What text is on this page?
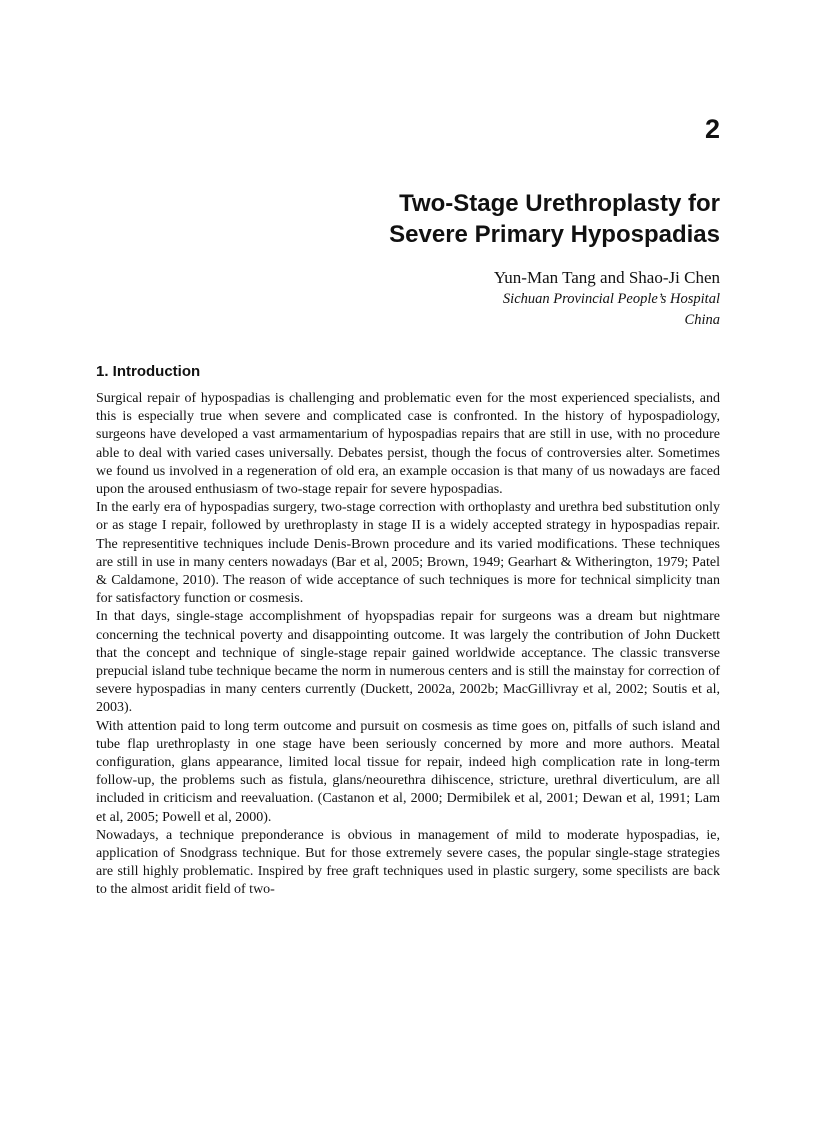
2
Two-Stage Urethroplasty for
Severe Primary Hypospadias
Yun-Man Tang and Shao-Ji Chen
Sichuan Provincial People’s Hospital
China
1. Introduction

Surgical repair of hypospadias is challenging and problematic even for the most experienced specialists, and this is especially true when severe and complicated case is confronted. In the history of hypospadiology, surgeons have developed a vast armamentarium of hypospadias repairs that are still in use, with no procedure able to deal with varied cases universally. Debates persist, though the focus of controversies alter. Sometimes we found us involved in a regeneration of old era, an example occasion is that many of us nowadays are faced upon the aroused enthusiasm of two-stage repair for severe hypospadias.

In the early era of hypospadias surgery, two-stage correction with orthoplasty and urethra bed substitution only or as stage I repair, followed by urethroplasty in stage II is a widely accepted strategy in hypospadias repair. The representitive techniques include Denis-Brown procedure and its varied modifications. These techniques are still in use in many centers nowadays (Bar et al, 2005; Brown, 1949; Gearhart & Witherington, 1979; Patel & Caldamone, 2010). The reason of wide acceptance of such techniques is more for technical simplicity tnan for satisfactory function or cosmesis.

In that days, single-stage accomplishment of hyopspadias repair for surgeons was a dream but nightmare concerning the technical poverty and disappointing outcome. It was largely the contribution of John Duckett that the concept and technique of single-stage repair gained worldwide acceptance. The classic transverse prepucial island tube technique became the norm in numerous centers and is still the mainstay for correction of severe hypospadias in many centers currently (Duckett, 2002a, 2002b; MacGillivray et al, 2002; Soutis et al, 2003).

With attention paid to long term outcome and pursuit on cosmesis as time goes on, pitfalls of such island and tube flap urethroplasty in one stage have been seriously concerned by more and more authors. Meatal configuration, glans appearance, limited local tissue for repair, indeed high complication rate in long-term follow-up, the problems such as fistula, glans/neourethra dihiscence, stricture, urethral diverticulum, are all included in criticism and reevaluation. (Castanon et al, 2000; Dermibilek et al, 2001; Dewan et al, 1991; Lam et al, 2005; Powell et al, 2000).

Nowadays, a technique preponderance is obvious in management of mild to moderate hypospadias, ie, application of Snodgrass technique. But for those extremely severe cases, the popular single-stage strategies are still highly problematic. Inspired by free graft techniques used in plastic surgery, some specilists are back to the almost aridit field of two-
